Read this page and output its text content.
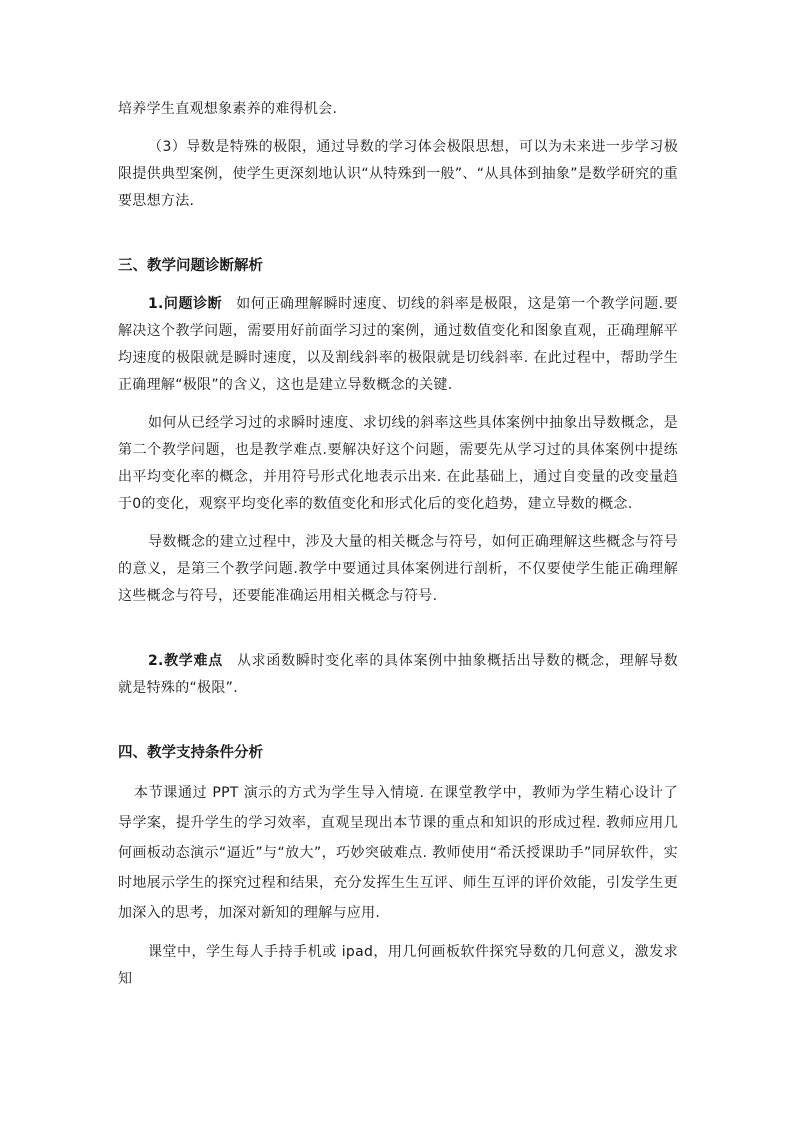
培养学生直观想象素养的难得机会.

（3）导数是特殊的极限，通过导数的学习体会极限思想，可以为未来进一步学习极限提供典型案例，使学生更深刻地认识“从特殊到一般”、“从具体到抽象”是数学研究的重要思想方法.

三、教学问题诊断解析

1.问题诊断 如何正确理解瞬时速度、切线的斜率是极限，这是第一个教学问题.要解决这个教学问题，需要用好前面学习过的案例，通过数值变化和图象直观，正确理解平均速度的极限就是瞬时速度，以及割线斜率的极限就是切线斜率. 在此过程中，帮助学生正确理解“极限”的含义，这也是建立导数概念的关键.

如何从已经学习过的求瞬时速度、求切线的斜率这些具体案例中抽象出导数概念，是第二个教学问题，也是教学难点.要解决好这个问题，需要先从学习过的具体案例中提练出平均变化率的概念，并用符号形式化地表示出来. 在此基础上，通过自变量的改变量趋于0的变化，观察平均变化率的数值变化和形式化后的变化趋势，建立导数的概念.

导数概念的建立过程中，涉及大量的相关概念与符号，如何正确理解这些概念与符号的意义，是第三个教学问题.教学中要通过具体案例进行剖析，不仅要使学生能正确理解这些概念与符号，还要能准确运用相关概念与符号.

2.教学难点 从求函数瞬时变化率的具体案例中抽象概括出导数的概念，理解导数就是特殊的“极限”.

四、教学支持条件分析

本节课通过 PPT 演示的方式为学生导入情境. 在课堂教学中，教师为学生精心设计了导学案，提升学生的学习效率，直观呈现出本节课的重点和知识的形成过程. 教师应用几何画板动态演示“逼近”与“放大”，巧妙突破难点. 教师使用“希沃授课助手”同屏软件，实时地展示学生的探究过程和结果，充分发挥生生互评、师生互评的评价效能，引发学生更加深入的思考，加深对新知的理解与应用.

课堂中，学生每人手持手机或 ipad，用几何画板软件探究导数的几何意义，激发求知
